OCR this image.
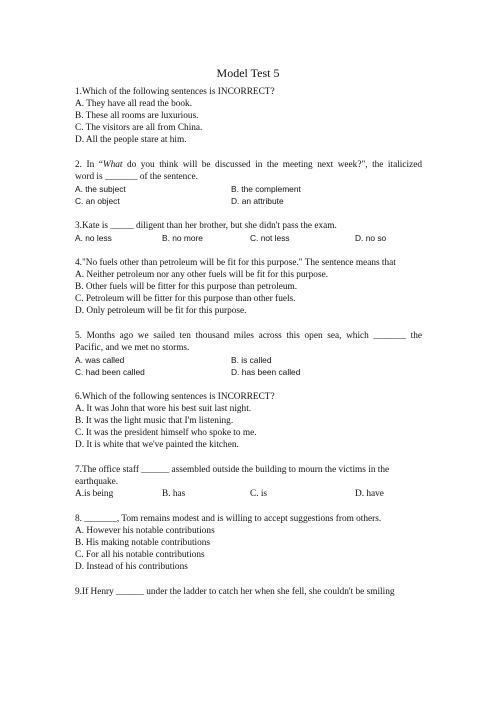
Model Test 5
1.Which of the following sentences is INCORRECT?
A. They have all read the book.
B. These all rooms are luxurious.
C. The visitors are all from China.
D. All the people stare at him.
2. In “What do you think will be discussed in the meeting next week?", the italicized
word is _______ of the sentence.
A. the subject	B. the complement
C. an object	D. an attribute
3.Kate is _____ diligent than her brother, but she didn't pass the exam.
A. no less	B. no more	C. not less	D. no so
4."No fuels other than petroleum will be fit for this purpose." The sentence means that
A. Neither petroleum nor any other fuels will be fit for this purpose.
B. Other fuels will be fitter for this purpose than petroleum.
C. Petroleum will be fitter for this purpose than other fuels.
D. Only petroleum will be fit for this purpose.
5. Months ago we sailed ten thousand miles across this open sea, which _______ the
Pacific, and we met no storms.
A. was called	B. is called
C. had been called	D. has been called
6.Which of the following sentences is INCORRECT?
A. It was John that wore his best suit last night.
B. It was the light music that I'm listening.
C. It was the president himself who spoke to me.
D. It is white that we've painted the kitchen.
7.The office staff ______ assembled outside the building to mourn the victims in the
earthquake.
A.is being	B. has	C. is	D. have
8. _______, Tom remains modest and is willing to accept suggestions from others.
A. However his notable contributions
B. His making notable contributions
C. For all his notable contributions
D. Instead of his contributions
9.If Henry ______ under the ladder to catch her when she fell, she couldn't be smiling
